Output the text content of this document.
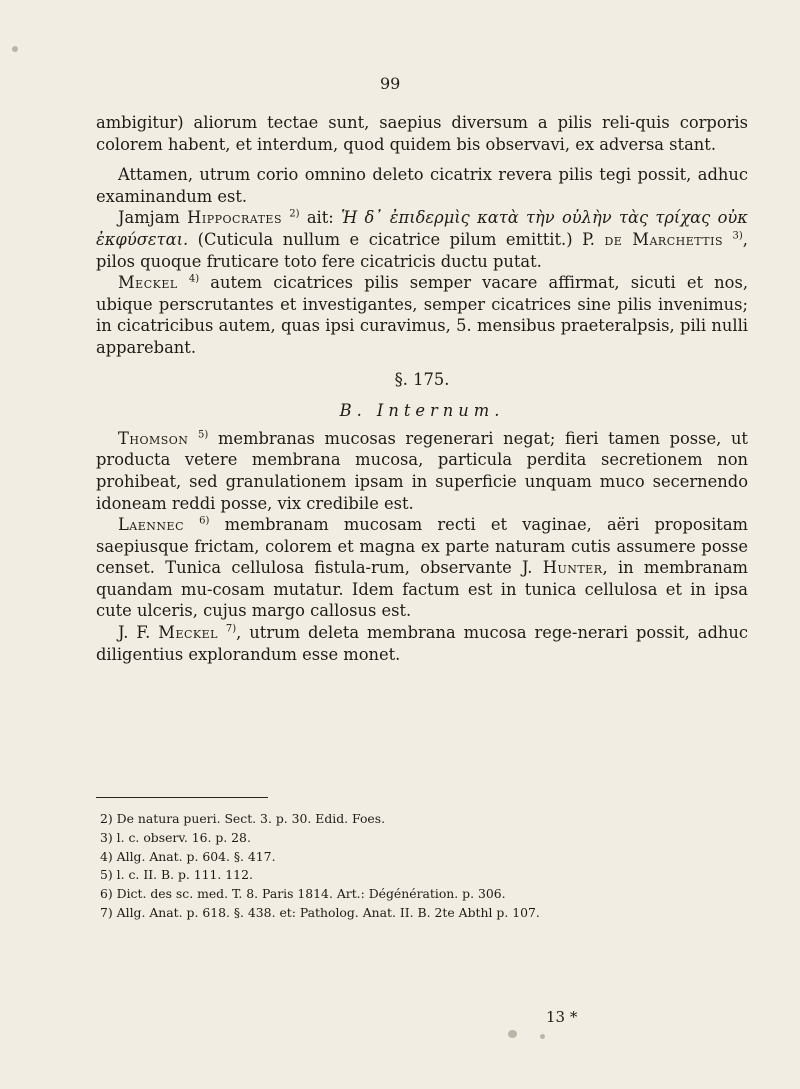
99

ambigitur) aliorum tectae sunt, saepius diversum a pilis reli-quis corporis colorem habent, et interdum, quod quidem bis observavi, ex adversa stant.

Attamen, utrum corio omnino deleto cicatrix revera pilis tegi possit, adhuc examinandum est.

Jamjam Hippocrates $^{2)}$ ait: Ἡ δ᾽ ἐπιδερμὶς κατὰ τὴν οὐλὴν τὰς τρίχας οὐκ ἐκφύσεται. (Cuticula nullum e cicatrice pilum emittit.) P. de Marchettis $^{3)}$, pilos quoque fruticare toto fere cicatricis ductu putat.

Meckel $^{4)}$ autem cicatrices pilis semper vacare affirmat, sicuti et nos, ubique perscrutantes et investigantes, semper cicatrices sine pilis invenimus; in cicatricibus autem, quas ipsi curavimus, 5. mensibus praeteralpsis, pili nulli apparebant.

§. 175.

B. Internum.

Thomson $^{5)}$ membranas mucosas regenerari negat; fieri tamen posse, ut producta vetere membrana mucosa, particula perdita secretionem non prohibeat, sed granulationem ipsam in superficie unquam muco secernendo idoneam reddi posse, vix credibile est.

Laennec $^{6)}$ membranam mucosam recti et vaginae, aëri propositam saepiusque frictam, colorem et magna ex parte naturam cutis assumere posse censet. Tunica cellulosa fistula-rum, observante J. Hunter, in membranam quandam mu-cosam mutatur. Idem factum est in tunica cellulosa et in ipsa cute ulceris, cujus margo callosus est.

J. F. Meckel $^{7)}$, utrum deleta membrana mucosa rege-nerari possit, adhuc diligentius explorandum esse monet.

2) De natura pueri. Sect. 3. p. 30. Edid. Foes.

3) l. c. observ. 16. p. 28.

4) Allg. Anat. p. 604. §. 417.

5) l. c. II. B. p. 111. 112.

6) Dict. des sc. med. T. 8. Paris 1814. Art.: Dégénération. p. 306.

7) Allg. Anat. p. 618. §. 438. et: Patholog. Anat. II. B. 2te Abthl p. 107.

13 *
